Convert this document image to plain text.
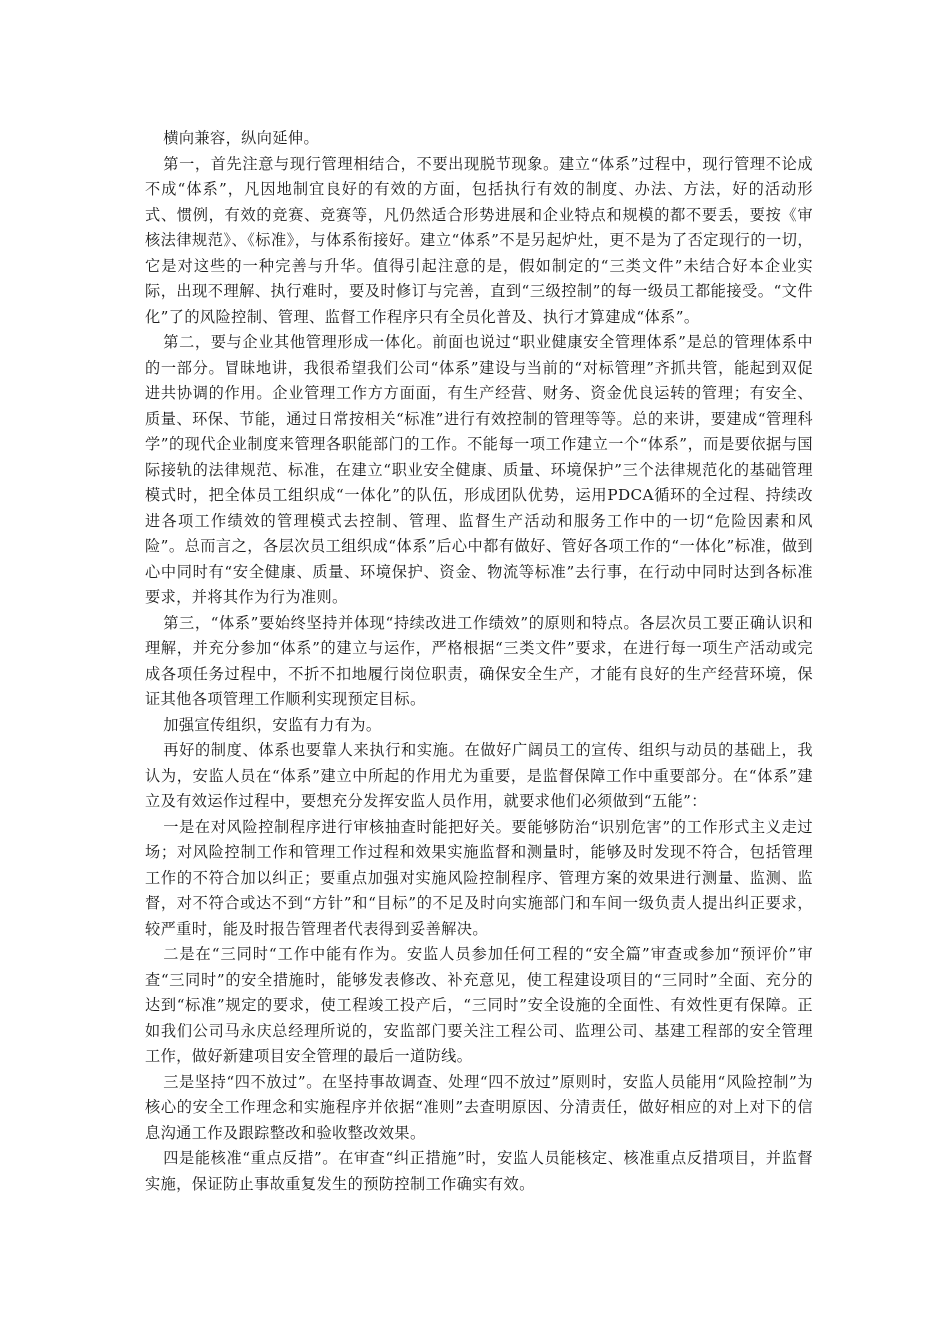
横向兼容，纵向延伸。

第一，首先注意与现行管理相结合，不要出现脱节现象。建立“体系”过程中，现行管理不论成不成“体系”，凡因地制宜良好的有效的方面，包括执行有效的制度、办法、方法，好的活动形式、惯例，有效的竞赛、竞赛等，凡仍然适合形势进展和企业特点和规模的都不要丢，要按《审核法律规范》、《标准》，与体系衔接好。建立“体系”不是另起炉灶，更不是为了否定现行的一切，它是对这些的一种完善与升华。值得引起注意的是，假如制定的“三类文件”未结合好本企业实际，出现不理解、执行难时，要及时修订与完善，直到“三级控制”的每一级员工都能接受。“文件化”了的风险控制、管理、监督工作程序只有全员化普及、执行才算建成“体系”。

第二，要与企业其他管理形成一体化。前面也说过“职业健康安全管理体系”是总的管理体系中的一部分。冒昧地讲，我很希望我们公司“体系”建设与当前的“对标管理”齐抓共管，能起到双促进共协调的作用。企业管理工作方方面面，有生产经营、财务、资金优良运转的管理；有安全、质量、环保、节能，通过日常按相关“标准”进行有效控制的管理等等。总的来讲，要建成“管理科学”的现代企业制度来管理各职能部门的工作。不能每一项工作建立一个“体系”，而是要依据与国际接轨的法律规范、标准，在建立“职业安全健康、质量、环境保护”三个法律规范化的基础管理模式时，把全体员工组织成“一体化”的队伍，形成团队优势，运用PDCA循环的全过程、持续改进各项工作绩效的管理模式去控制、管理、监督生产活动和服务工作中的一切“危险因素和风险”。总而言之，各层次员工组织成“体系”后心中都有做好、管好各项工作的“一体化”标准，做到心中同时有“安全健康、质量、环境保护、资金、物流等标准”去行事，在行动中同时达到各标准要求，并将其作为行为准则。

第三，“体系”要始终坚持并体现“持续改进工作绩效”的原则和特点。各层次员工要正确认识和理解，并充分参加“体系”的建立与运作，严格根据“三类文件”要求，在进行每一项生产活动或完成各项任务过程中，不折不扣地履行岗位职责，确保安全生产，才能有良好的生产经营环境，保证其他各项管理工作顺利实现预定目标。

加强宣传组织，安监有力有为。

再好的制度、体系也要靠人来执行和实施。在做好广阔员工的宣传、组织与动员的基础上，我认为，安监人员在“体系”建立中所起的作用尤为重要，是监督保障工作中重要部分。在“体系”建立及有效运作过程中，要想充分发挥安监人员作用，就要求他们必须做到“五能”：

一是在对风险控制程序进行审核抽查时能把好关。要能够防治“识别危害”的工作形式主义走过场；对风险控制工作和管理工作过程和效果实施监督和测量时，能够及时发现不符合，包括管理工作的不符合加以纠正；要重点加强对实施风险控制程序、管理方案的效果进行测量、监测、监督，对不符合或达不到“方针”和“目标”的不足及时向实施部门和车间一级负责人提出纠正要求，较严重时，能及时报告管理者代表得到妥善解决。

二是在“三同时“工作中能有作为。安监人员参加任何工程的“安全篇”审查或参加“预评价”审查“三同时”的安全措施时，能够发表修改、补充意见，使工程建设项目的“三同时”全面、充分的达到“标准”规定的要求，使工程竣工投产后，“三同时”安全设施的全面性、有效性更有保障。正如我们公司马永庆总经理所说的，安监部门要关注工程公司、监理公司、基建工程部的安全管理工作，做好新建项目安全管理的最后一道防线。

三是坚持“四不放过”。在坚持事故调查、处理“四不放过”原则时，安监人员能用“风险控制”为核心的安全工作理念和实施程序并依据“准则”去查明原因、分清责任，做好相应的对上对下的信息沟通工作及跟踪整改和验收整改效果。

四是能核准“重点反措”。在审查“纠正措施”时，安监人员能核定、核准重点反措项目，并监督实施，保证防止事故重复发生的预防控制工作确实有效。
